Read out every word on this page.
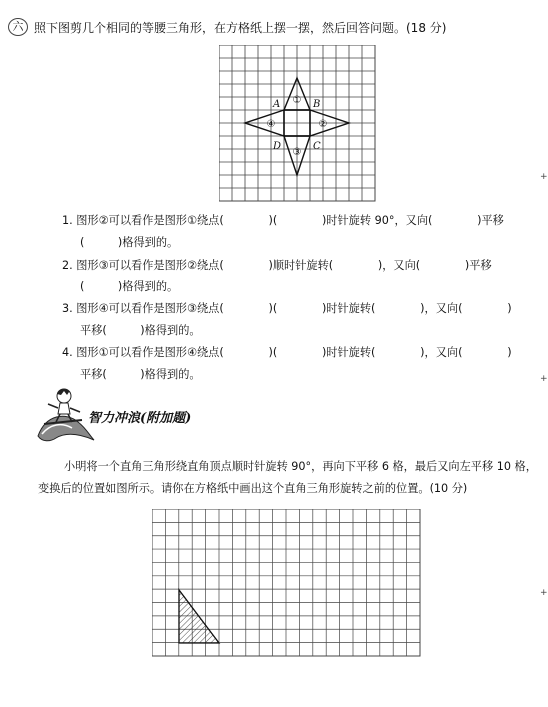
六 照下图剪几个相同的等腰三角形，在方格纸上摆一摆，然后回答问题。(18 分)
A	B
C
D
①
②
③
④
1. 图形②可以看作是图形①绕点(　　　　)(　　　　)时针旋转 90°，又向(　　　　)平移
(　　　)格得到的。
2. 图形③可以看作是图形②绕点(　　　　)顺时针旋转(　　　　)，又向(　　　　)平移
(　　　)格得到的。
3. 图形④可以看作是图形③绕点(　　　　)(　　　　)时针旋转(　　　　)，又向(　　　　)
平移(　　　)格得到的。
4. 图形①可以看作是图形④绕点(　　　　)(　　　　)时针旋转(　　　　)，又向(　　　　)
平移(　　　)格得到的。
智力冲浪(附加题)
小明将一个直角三角形绕直角顶点顺时针旋转 90°，再向下平移 6 格，最后又向左平移 10 格，变换后的位置如图所示。请你在方格纸中画出这个直角三角形旋转之前的位置。(10 分)
+
+
+
